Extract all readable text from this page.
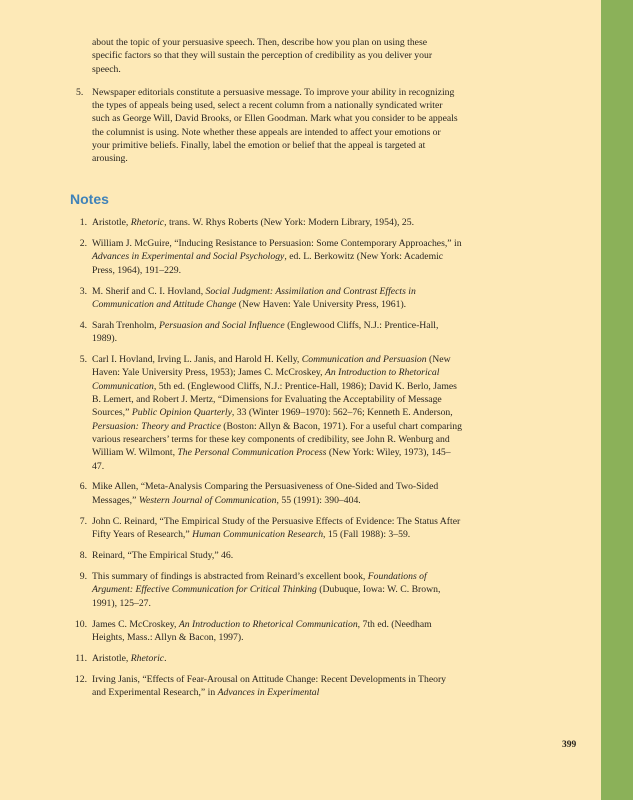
about the topic of your persuasive speech. Then, describe how you plan on using these specific factors so that they will sustain the perception of credibility as you deliver your speech.

5. Newspaper editorials constitute a persuasive message. To improve your ability in recognizing the types of appeals being used, select a recent column from a nationally syndicated writer such as George Will, David Brooks, or Ellen Goodman. Mark what you consider to be appeals the columnist is using. Note whether these appeals are intended to affect your emotions or your primitive beliefs. Finally, label the emotion or belief that the appeal is targeted at arousing.
Notes
1. Aristotle, Rhetoric, trans. W. Rhys Roberts (New York: Modern Library, 1954), 25.
2. William J. McGuire, “Inducing Resistance to Persuasion: Some Contemporary Approaches,” in Advances in Experimental and Social Psychology, ed. L. Berkowitz (New York: Academic Press, 1964), 191–229.
3. M. Sherif and C. I. Hovland, Social Judgment: Assimilation and Contrast Effects in Communication and Attitude Change (New Haven: Yale University Press, 1961).
4. Sarah Trenholm, Persuasion and Social Influence (Englewood Cliffs, N.J.: Prentice-Hall, 1989).
5. Carl I. Hovland, Irving L. Janis, and Harold H. Kelly, Communication and Persuasion (New Haven: Yale University Press, 1953); James C. McCroskey, An Introduction to Rhetorical Communication, 5th ed. (Englewood Cliffs, N.J.: Prentice-Hall, 1986); David K. Berlo, James B. Lemert, and Robert J. Mertz, “Dimensions for Evaluating the Acceptability of Message Sources,” Public Opinion Quarterly, 33 (Winter 1969–1970): 562–76; Kenneth E. Anderson, Persuasion: Theory and Practice (Boston: Allyn & Bacon, 1971). For a useful chart comparing various researchers’ terms for these key components of credibility, see John R. Wenburg and William W. Wilmont, The Personal Communication Process (New York: Wiley, 1973), 145–47.
6. Mike Allen, “Meta-Analysis Comparing the Persuasiveness of One-Sided and Two-Sided Messages,” Western Journal of Communication, 55 (1991): 390–404.
7. John C. Reinard, “The Empirical Study of the Persuasive Effects of Evidence: The Status After Fifty Years of Research,” Human Communication Research, 15 (Fall 1988): 3–59.
8. Reinard, “The Empirical Study,” 46.
9. This summary of findings is abstracted from Reinard’s excellent book, Foundations of Argument: Effective Communication for Critical Thinking (Dubuque, Iowa: W. C. Brown, 1991), 125–27.
10. James C. McCroskey, An Introduction to Rhetorical Communication, 7th ed. (Needham Heights, Mass.: Allyn & Bacon, 1997).
11. Aristotle, Rhetoric.
12. Irving Janis, “Effects of Fear-Arousal on Attitude Change: Recent Developments in Theory and Experimental Research,” in Advances in Experimental
399
